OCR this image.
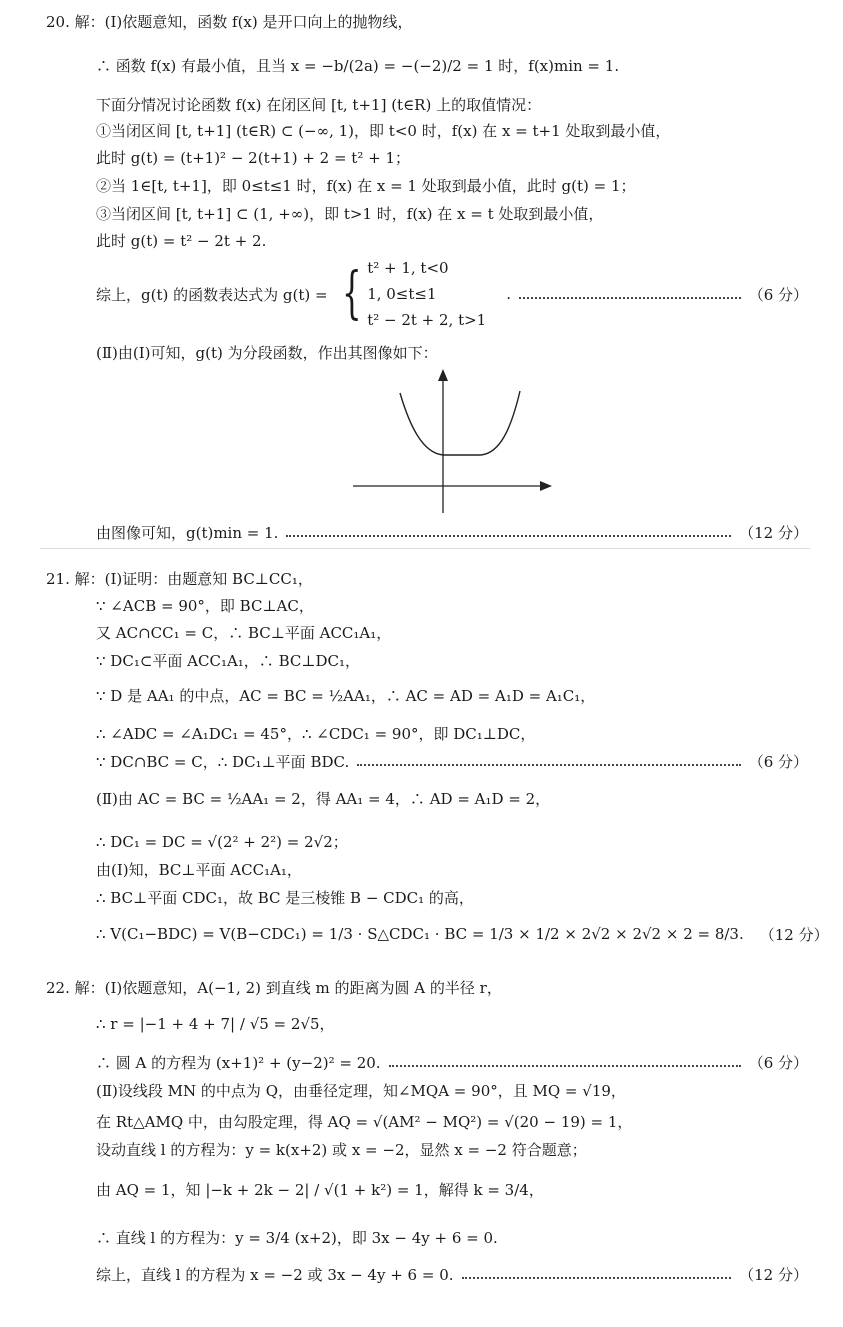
20. 解：(Ⅰ)依题意知，函数 f(x) 是开口向上的抛物线，
∴ 函数 f(x) 有最小值，且当 x = −b/(2a) = −(−2)/2 = 1 时，f(x)min = 1.
下面分情况讨论函数 f(x) 在闭区间 [t, t+1] (t∈R) 上的取值情况：
①当闭区间 [t, t+1] (t∈R) ⊂ (−∞, 1)，即 t<0 时，f(x) 在 x = t+1 处取到最小值，
此时 g(t) = (t+1)² − 2(t+1) + 2 = t² + 1；
②当 1∈[t, t+1]，即 0≤t≤1 时，f(x) 在 x = 1 处取到最小值，此时 g(t) = 1；
③当闭区间 [t, t+1] ⊂ (1, +∞)，即 t>1 时，f(x) 在 x = t 处取到最小值，
此时 g(t) = t² − 2t + 2.
综上，g(t) 的函数表达式为 g(t) = { t² + 1, t<0
1, 0≤t≤1
t² − 2t + 2, t>1
.	（6 分）
(Ⅱ)由(Ⅰ)可知，g(t) 为分段函数，作出其图像如下：
由图像可知，g(t)min = 1.	（12 分）
21. 解：(Ⅰ)证明：由题意知 BC⊥CC₁，
∵ ∠ACB = 90°，即 BC⊥AC，
又 AC∩CC₁ = C，∴ BC⊥平面 ACC₁A₁，
∵ DC₁⊂平面 ACC₁A₁，∴ BC⊥DC₁，
∵ D 是 AA₁ 的中点，AC = BC = ½AA₁，∴ AC = AD = A₁D = A₁C₁，
∴ ∠ADC = ∠A₁DC₁ = 45°，∴ ∠CDC₁ = 90°，即 DC₁⊥DC，
∵ DC∩BC = C，∴ DC₁⊥平面 BDC.	（6 分）
(Ⅱ)由 AC = BC = ½AA₁ = 2，得 AA₁ = 4，∴ AD = A₁D = 2，
∴ DC₁ = DC = √(2² + 2²) = 2√2；
由(Ⅰ)知，BC⊥平面 ACC₁A₁，
∴ BC⊥平面 CDC₁，故 BC 是三棱锥 B − CDC₁ 的高，
∴ V(C₁−BDC) = V(B−CDC₁) = 1/3 · S△CDC₁ · BC = 1/3 × 1/2 × 2√2 × 2√2 × 2 = 8/3. （12 分）
22. 解：(Ⅰ)依题意知，A(−1, 2) 到直线 m 的距离为圆 A 的半径 r，
∴ r = |−1 + 4 + 7| / √5 = 2√5，
∴ 圆 A 的方程为 (x+1)² + (y−2)² = 20.	（6 分）
(Ⅱ)设线段 MN 的中点为 Q，由垂径定理，知∠MQA = 90°，且 MQ = √19，
在 Rt△AMQ 中，由勾股定理，得 AQ = √(AM² − MQ²) = √(20 − 19) = 1，
设动直线 l 的方程为：y = k(x+2) 或 x = −2，显然 x = −2 符合题意；
由 AQ = 1，知 |−k + 2k − 2| / √(1 + k²) = 1，解得 k = 3/4，
∴ 直线 l 的方程为：y = 3/4 (x+2)，即 3x − 4y + 6 = 0.
综上，直线 l 的方程为 x = −2 或 3x − 4y + 6 = 0.	（12 分）
